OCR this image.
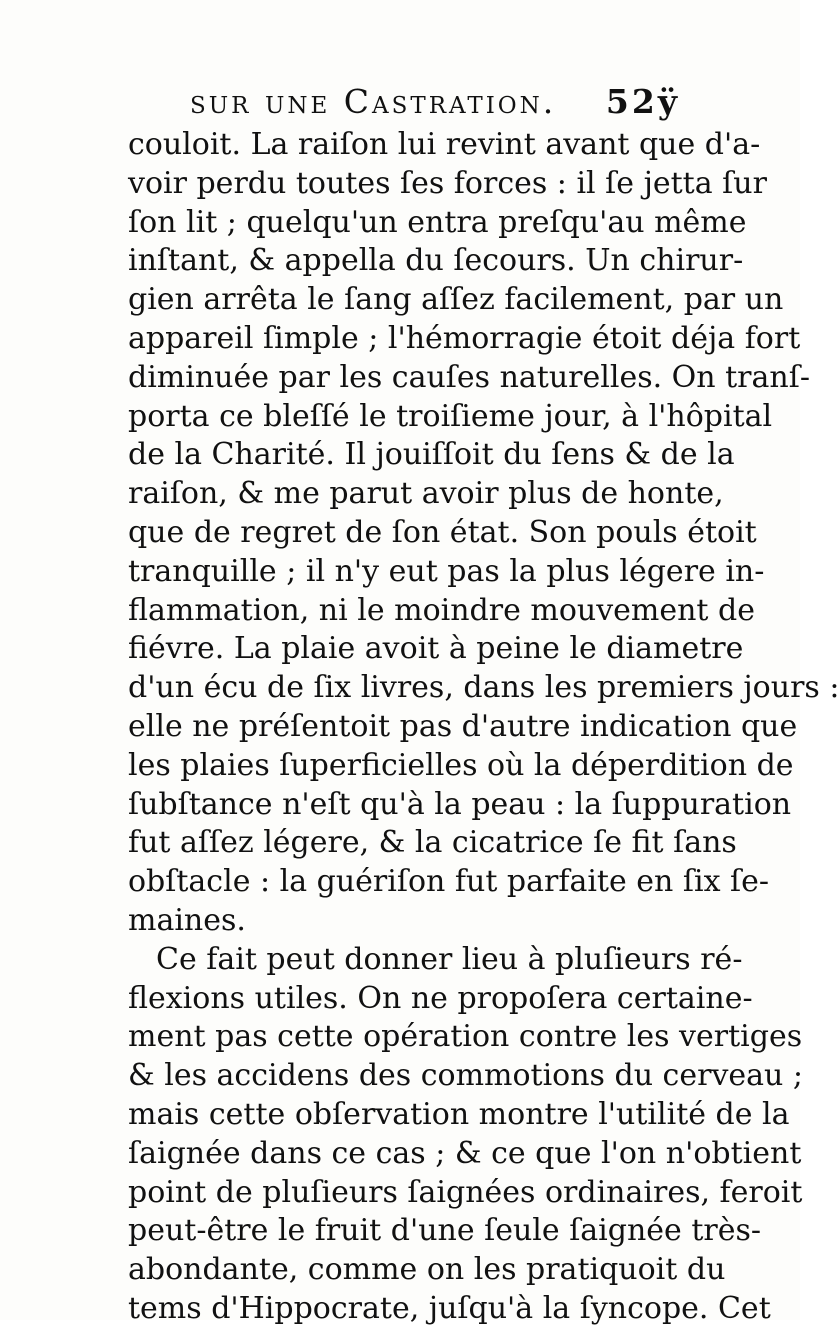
sur une Castration. 52ÿ
couloit. La raiſon lui revint avant que d'a-
voir perdu toutes ſes forces : il ſe jetta ſur
ſon lit ; quelqu'un entra preſqu'au même
inſtant, & appella du ſecours. Un chirur-
gien arrêta le ſang aſſez facilement, par un
appareil ſimple ; l'hémorragie étoit déja fort
diminuée par les cauſes naturelles. On tranſ-
porta ce bleſſé le troiſieme jour, à l'hôpital
de la Charité. Il jouiſſoit du ſens & de la
raiſon, & me parut avoir plus de honte,
que de regret de ſon état. Son pouls étoit
tranquille ; il n'y eut pas la plus légere in-
flammation, ni le moindre mouvement de
fiévre. La plaie avoit à peine le diametre
d'un écu de ſix livres, dans les premiers jours :
elle ne préſentoit pas d'autre indication que
les plaies ſuperficielles où la déperdition de
ſubſtance n'eſt qu'à la peau : la ſuppuration
fut aſſez légere, & la cicatrice ſe fit ſans
obſtacle : la guériſon fut parfaite en ſix ſe-
maines.
Ce fait peut donner lieu à pluſieurs ré-
flexions utiles. On ne propoſera certaine-
ment pas cette opération contre les vertiges
& les accidens des commotions du cerveau ;
mais cette obſervation montre l'utilité de la
ſaignée dans ce cas ; & ce que l'on n'obtient
point de pluſieurs ſaignées ordinaires, feroit
peut-être le fruit d'une ſeule ſaignée très-
abondante, comme on les pratiquoit du
tems d'Hippocrate, juſqu'à la ſyncope. Cet
